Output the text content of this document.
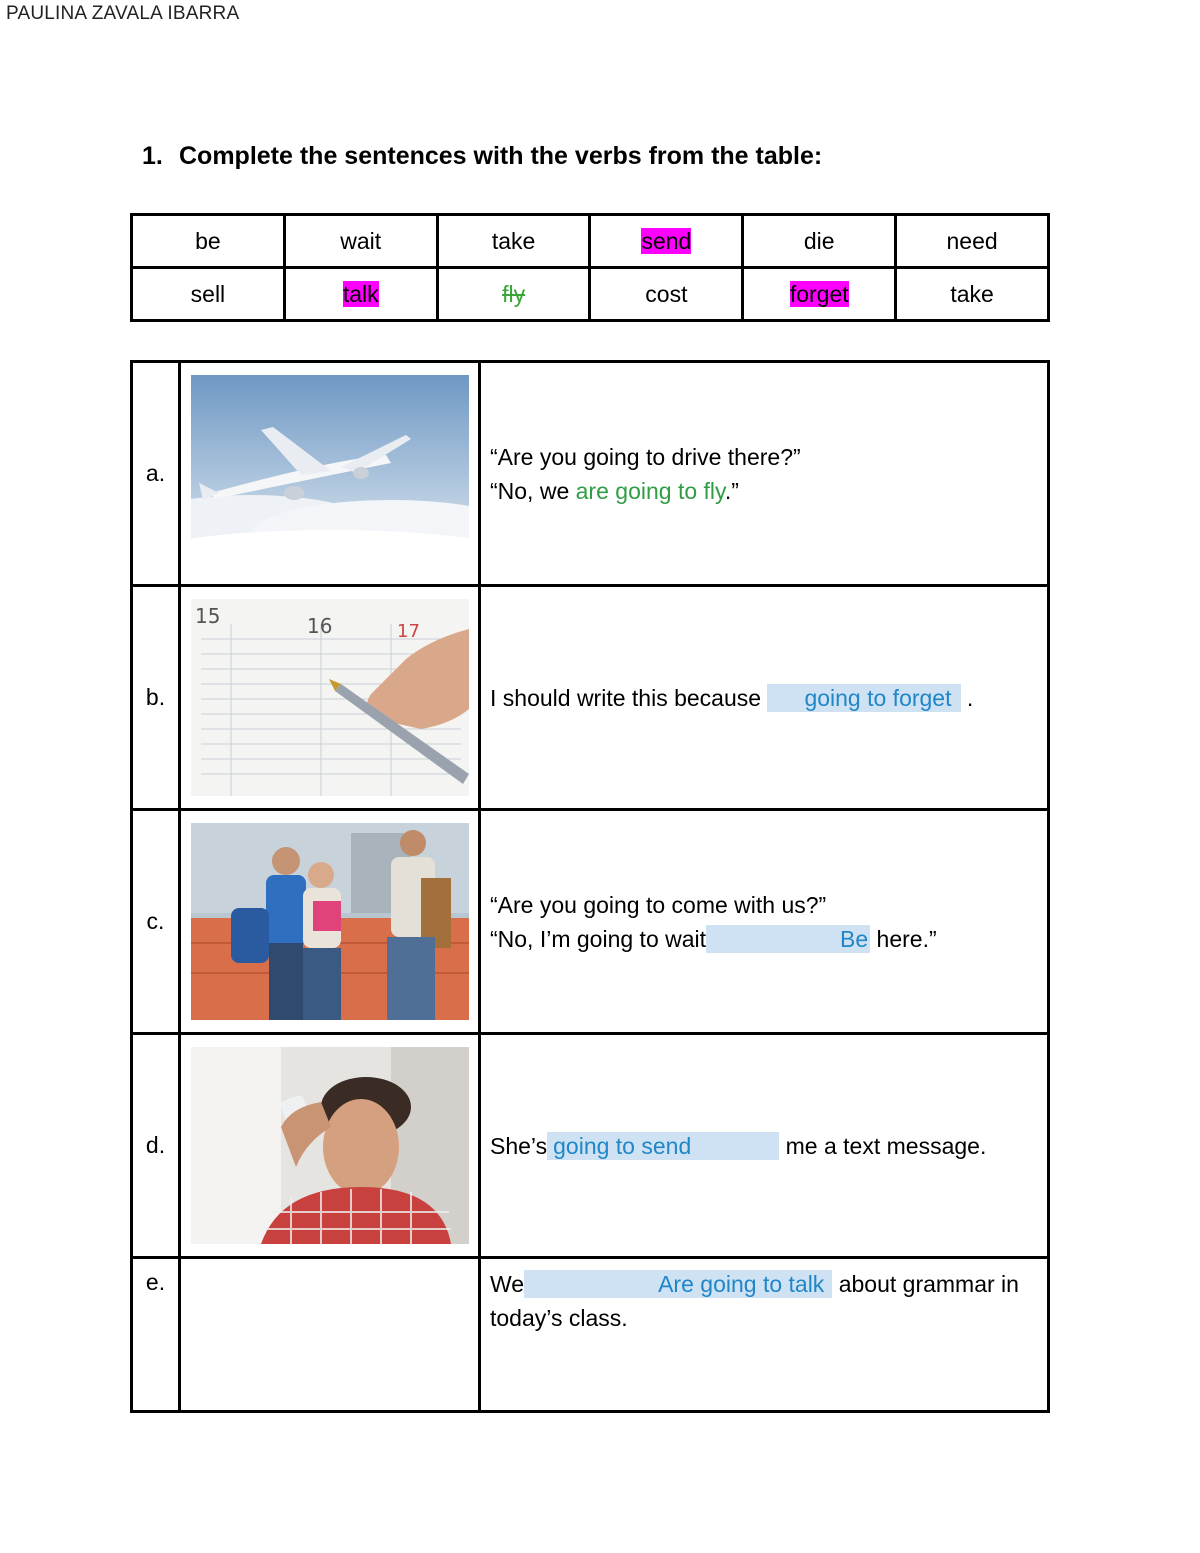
PAULINA ZAVALA IBARRA
1. Complete the sentences with the verbs from the table:
be	wait	take	send	die	need
sell	talk	fly	cost	forget	take
a.		“Are you going to drive there?”
“No, we are going to fly.”

b.	15 16 17	I should write this because going to forget .
c.		“Are you going to come with us?”
“No, I’m going to wait Be here.”

d.		She’s going to send me a text message.
e.		We Are going to talk about grammar in today’s class.
